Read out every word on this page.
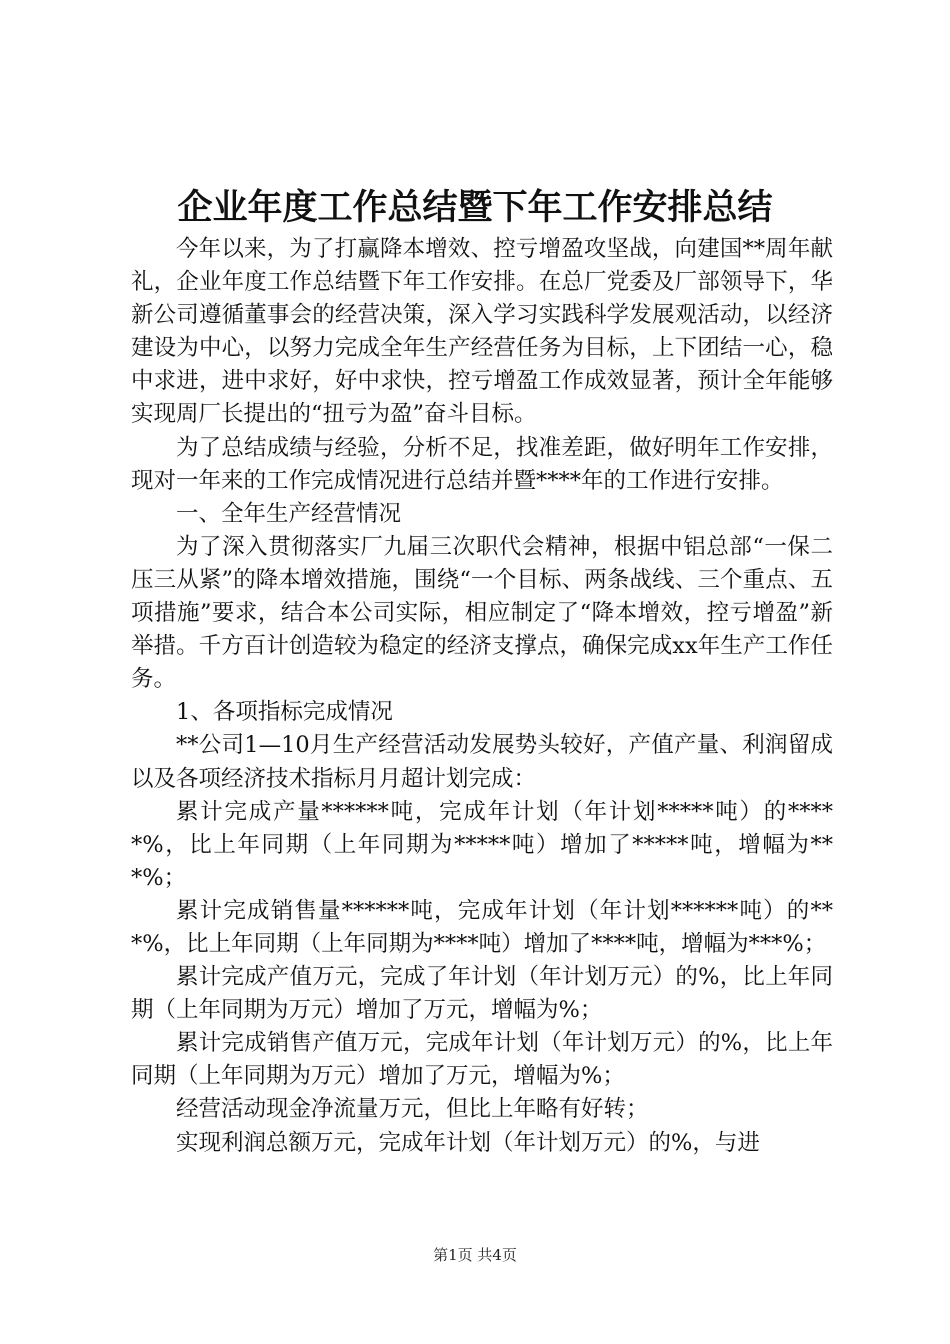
企业年度工作总结暨下年工作安排总结

今年以来，为了打赢降本增效、控亏增盈攻坚战，向建国**周年献礼，企业年度工作总结暨下年工作安排。在总厂党委及厂部领导下，华新公司遵循董事会的经营决策，深入学习实践科学发展观活动，以经济建设为中心，以努力完成全年生产经营任务为目标，上下团结一心，稳中求进，进中求好，好中求快，控亏增盈工作成效显著，预计全年能够实现周厂长提出的“扭亏为盈”奋斗目标。

为了总结成绩与经验，分析不足，找准差距，做好明年工作安排，现对一年来的工作完成情况进行总结并暨****年的工作进行安排。

一、全年生产经营情况

为了深入贯彻落实厂九届三次职代会精神，根据中铝总部“一保二压三从紧”的降本增效措施，围绕“一个目标、两条战线、三个重点、五项措施”要求，结合本公司实际，相应制定了“降本增效，控亏增盈”新举措。千方百计创造较为稳定的经济支撑点，确保完成xx年生产工作任务。

1、各项指标完成情况

**公司1—10月生产经营活动发展势头较好，产值产量、利润留成以及各项经济技术指标月月超计划完成：

累计完成产量******吨，完成年计划（年计划*****吨）的*****%，比上年同期（上年同期为*****吨）增加了*****吨，增幅为***%；

累计完成销售量******吨，完成年计划（年计划******吨）的***%，比上年同期（上年同期为****吨）增加了****吨，增幅为***%；

累计完成产值万元，完成了年计划（年计划万元）的%，比上年同期（上年同期为万元）增加了万元，增幅为%；

累计完成销售产值万元，完成年计划（年计划万元）的%，比上年同期（上年同期为万元）增加了万元，增幅为%；

经营活动现金净流量万元，但比上年略有好转；

实现利润总额万元，完成年计划（年计划万元）的%，与进

第1页 共4页
